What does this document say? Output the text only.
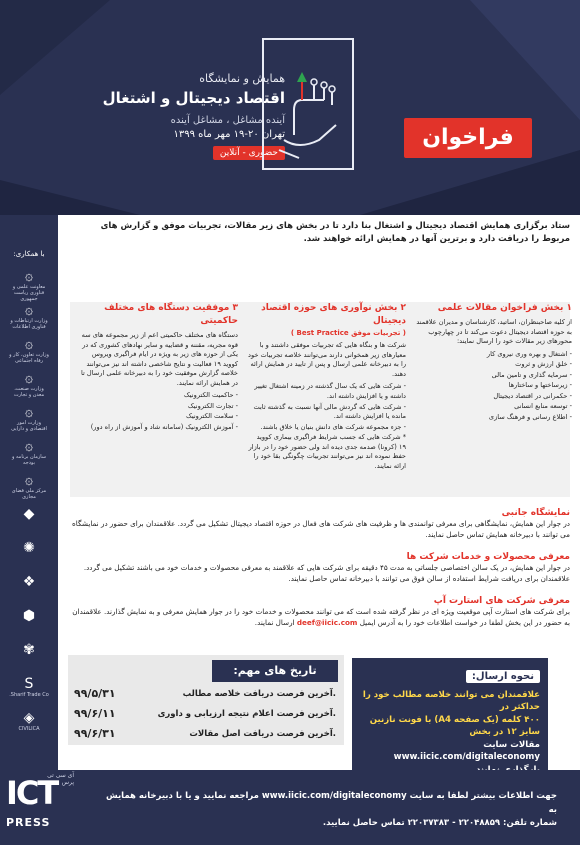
همایش و نمایشگاه
اقتصاد دیجیتال و اشتغال
آینده مشاغل ، مشاغل آینده
تهران ۲۰-۱۹ مهر ماه ۱۳۹۹
حضوری - آنلاین
فراخوان
ستاد برگزاری همایش اقتصاد دیجیتال و اشتغال بنا دارد تا در بخش های زیر مقالات، تجربیات موفق و گزارش های مربوط را دریافت دارد و برترین آنها در همایش ارائه خواهند شد.
با همکاری:
۞
معاونت علمی و فناوری ریاست جمهوری
۞
وزارت ارتباطات و فناوری اطلاعات
۞
وزارت تعاون، کار و رفاه اجتماعی
۞
وزارت صنعت، معدن و تجارت
۞
وزارت امور اقتصادی و دارایی
۞
سازمان برنامه و بودجه
۞
مرکز ملی فضای مجازی
◆
✺
❖
⬢
✾
S
Sharif Trade Co.
◈
CIVILICA
۱ بخش فراخوان مقالات علمی
از کلیه صاحبنظران، اساتید، کارشناسان و مدیران علاقمند به حوزه اقتصاد دیجیتال دعوت می‌کند تا در چهارچوب محورهای زیر مقالات خود را ارسال نمایند:
- اشتغال و بهره وری نیروی کار
- خلق ارزش و ثروت
- سرمایه گذاری و تامین مالی
- زیرساختها و ساختارها
- حکمرانی در اقتصاد دیجیتال
- توسعه منابع انسانی
- اطلاع رسانی و فرهنگ سازی
۲ بخش نوآوری های حوزه اقتصاد دیجیتال
( تجربیات موفق Best Practice )
شرکت ها و بنگاه هایی که تجربیات موفقی داشتند و با معیارهای زیر همخوانی دارند می‌توانند خلاصه تجربیات خود را به دبیرخانه علمی ارسال و پس از تایید در همایش ارائه دهند.
- شرکت هایی که یک سال گذشته در زمینه اشتغال تغییر داشته و یا افزایش داشته اند.
- شرکت هایی که گردش مالی آنها نسبت به گذشته ثابت مانده یا افزایش داشته اند.
- جزء مجموعه شرکت های دانش بنیان یا خلاق باشند.
* شرکت هایی که جسب شرایط فراگیری بیماری کووید ۱۹ (کرونا) صدمه جدی دیده اند ولی حضور خود را در بازار حفظ نموده اند نیز می‌توانند تجربیات چگونگی بقا خود را ارائه نمایند.
۳ موفقیت دستگاه های مختلف حاکمیتی
دستگاه های مختلف حاکمیتی اعم از زیر مجموعه های سه قوه مجریه، مقننه و قضاییه و سایر نهادهای کشوری که در یکی از حوزه های زیر به ویژه در ایام فراگیری ویروس کووید ۱۹ فعالیت و نتایج شاخصی داشته اند نیز می‌توانند خلاصه گزارش موفقیت خود را به دبیرخانه علمی ارسال تا در همایش ارائه نمایند.
- حاکمیت الکترونیک
- تجارت الکترونیک
- سلامت الکترونیک
- آموزش الکترونیک (سامانه شاد و آموزش از راه دور)
نمایشگاه جانبی
در جوار این همایش، نمایشگاهی برای معرفی توانمندی ها و ظرفیت های شرکت های فعال در حوزه اقتصاد دیجیتال تشکیل می گردد. علاقمندان برای حضور در نمایشگاه می توانند با دبیرخانه همایش تماس حاصل نمایند.
معرفی محصولات و خدمات شرکت ها
در جوار این همایش، در یک سالن اختصاصی جلساتی به مدت ۴۵ دقیقه برای شرکت هایی که علاقمند به معرفی محصولات و خدمات خود می باشند تشکیل می گردد. علاقمندان برای دریافت شرایط استفاده از سالن فوق می توانند با دبیرخانه تماس حاصل نمایند.
معرفی شرکت های استارت آپ
برای شرکت های استارت آپی موقعیت ویژه ای در نظر گرفته شده است که می توانند محصولات و خدمات خود را در جوار همایش معرفی و به نمایش گذارند. علاقمندان به حضور در این بخش لطفا در خواست اطلاعات خود را به آدرس ایمیل deef@iicic.com ارسال نمایند.
تاریخ های مهم:
.آخرین فرصت دریافت خلاصه مطالب
۹۹/۵/۳۱
.آخرین فرصت اعلام نتیجه ارزیابی و داوری
۹۹/۶/۱۱
.آخرین فرصت دریافت اصل مقالات
۹۹/۶/۳۱
نحوه ارسال:
علاقمندان می توانند خلاصه مطالب خود را حداکثر در
۴۰۰ کلمه (یک صفحه A4) با فونت نازنین سایز ۱۲ در بخش
مقالات سایت
www.iicic.com/digitaleconomy
جهت اطلاعات بیشتر لطفا به سایت www.iicic.com/digitaleconomy مراجعه نمایید و یا با دبیرخانه همایش به
شماره تلفن: ۲۲۰۴۸۸۵۹ - ۲۲۰۳۷۳۸۳ تماس حاصل نمایید.
ICT
PRESS
آی سی تی پرس
